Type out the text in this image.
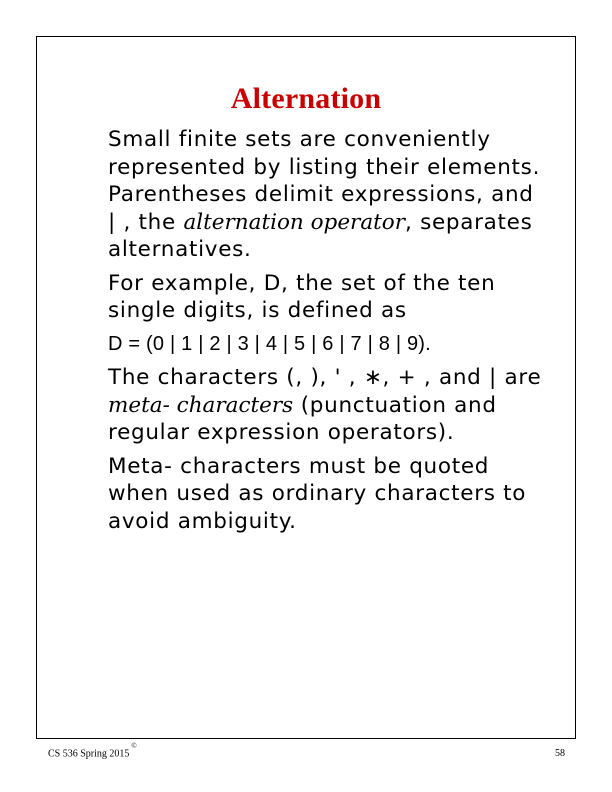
Alternation

Small finite sets are conveniently represented by listing their elements. Parentheses delimit expressions, and | , the alternation operator, separates alternatives.

For example, D, the set of the ten single digits, is defined as

D = (0 | 1 | 2 | 3 | 4 | 5 | 6 | 7 | 8 | 9).

The characters (, ), ' , ∗, + , and | are meta- characters (punctuation and regular expression operators).

Meta- characters must be quoted when used as ordinary characters to avoid ambiguity.

CS 536 Spring 2015©
58
